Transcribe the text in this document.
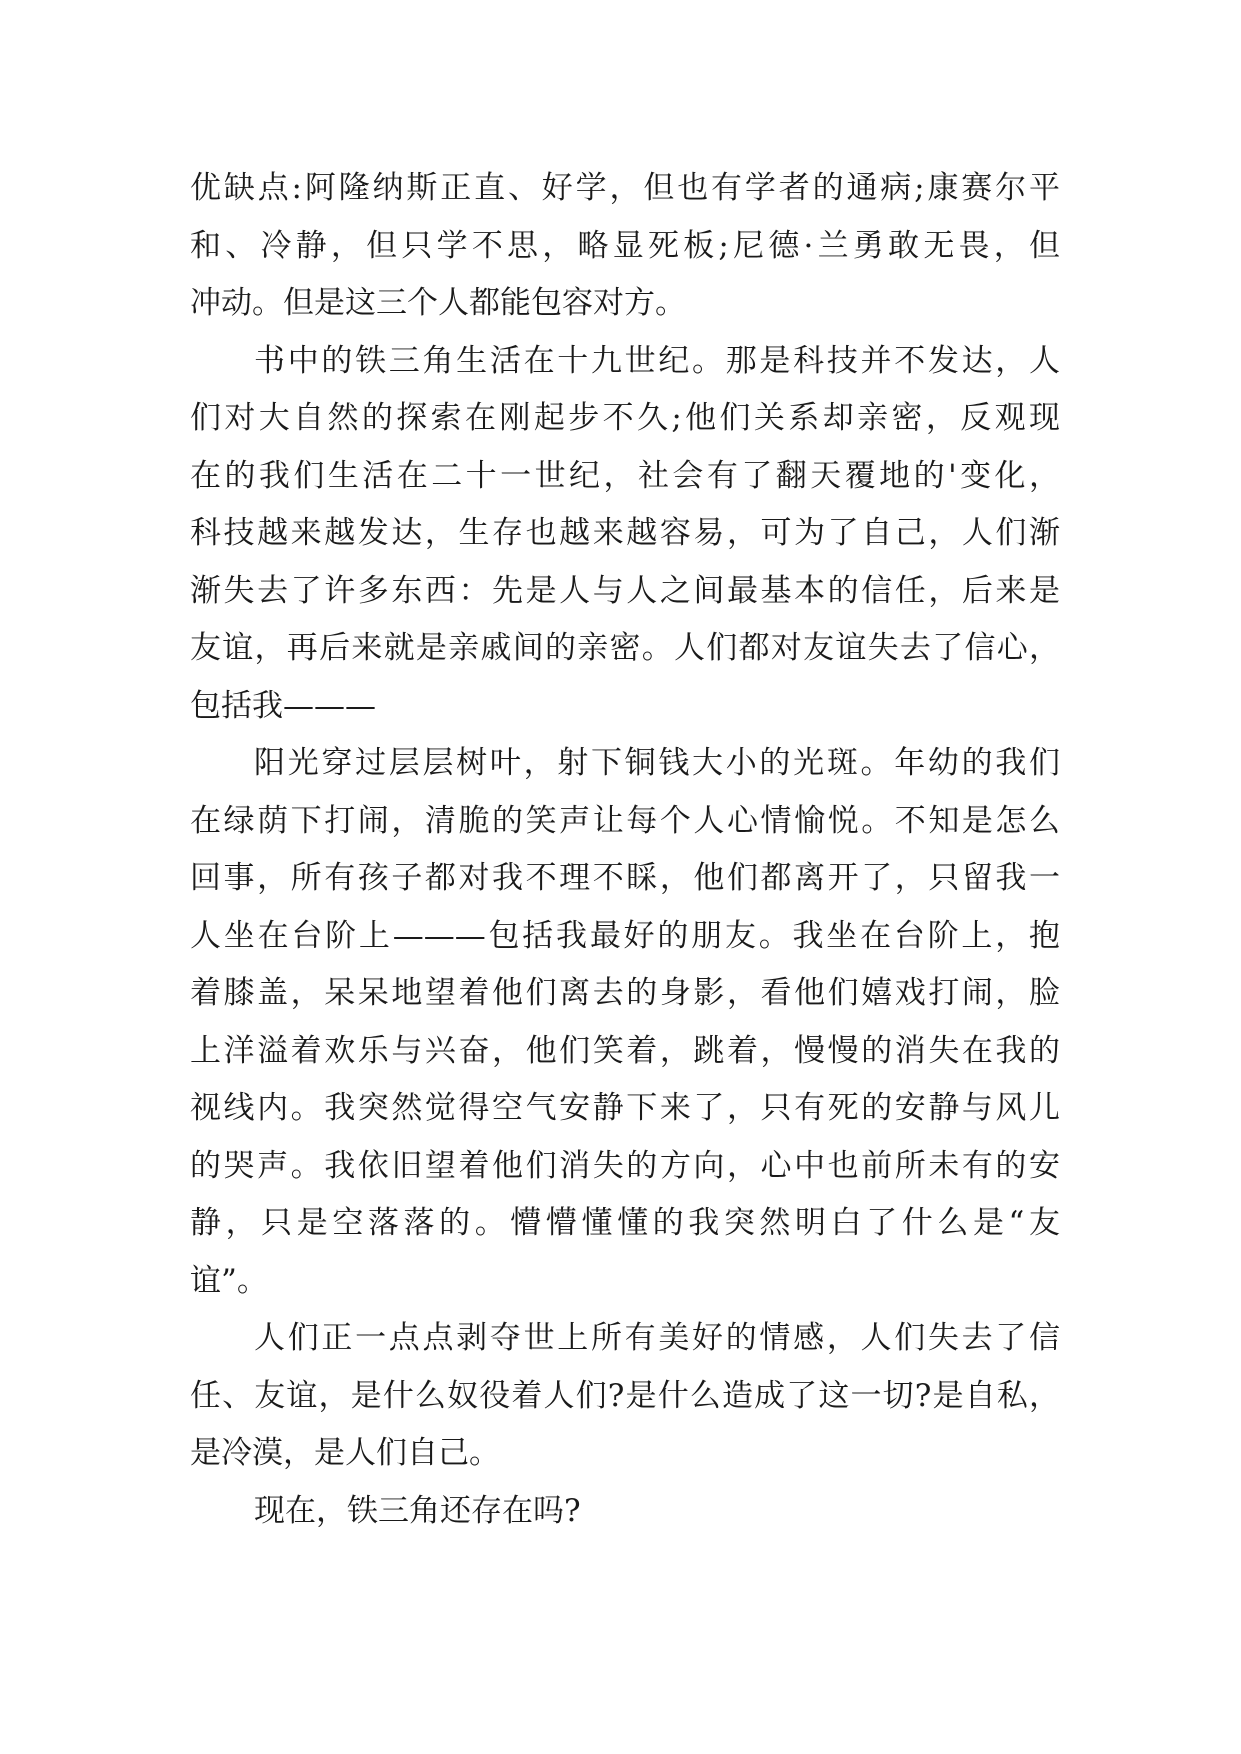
优缺点:阿隆纳斯正直、好学，但也有学者的通病;康赛尔平
和、冷静，但只学不思，略显死板;尼德·兰勇敢无畏，但
冲动。但是这三个人都能包容对方。
书中的铁三角生活在十九世纪。那是科技并不发达，人
们对大自然的探索在刚起步不久;他们关系却亲密，反观现
在的我们生活在二十一世纪，社会有了翻天覆地的'变化，
科技越来越发达，生存也越来越容易，可为了自己，人们渐
渐失去了许多东西：先是人与人之间最基本的信任，后来是
友谊，再后来就是亲戚间的亲密。人们都对友谊失去了信心，
包括我———
阳光穿过层层树叶，射下铜钱大小的光斑。年幼的我们
在绿荫下打闹，清脆的笑声让每个人心情愉悦。不知是怎么
回事，所有孩子都对我不理不睬，他们都离开了，只留我一
人坐在台阶上———包括我最好的朋友。我坐在台阶上，抱
着膝盖，呆呆地望着他们离去的身影，看他们嬉戏打闹，脸
上洋溢着欢乐与兴奋，他们笑着，跳着，慢慢的消失在我的
视线内。我突然觉得空气安静下来了，只有死的安静与风儿
的哭声。我依旧望着他们消失的方向，心中也前所未有的安
静，只是空落落的。懵懵懂懂的我突然明白了什么是“友
谊”。
人们正一点点剥夺世上所有美好的情感，人们失去了信
任、友谊，是什么奴役着人们?是什么造成了这一切?是自私，
是冷漠，是人们自己。
现在，铁三角还存在吗?
